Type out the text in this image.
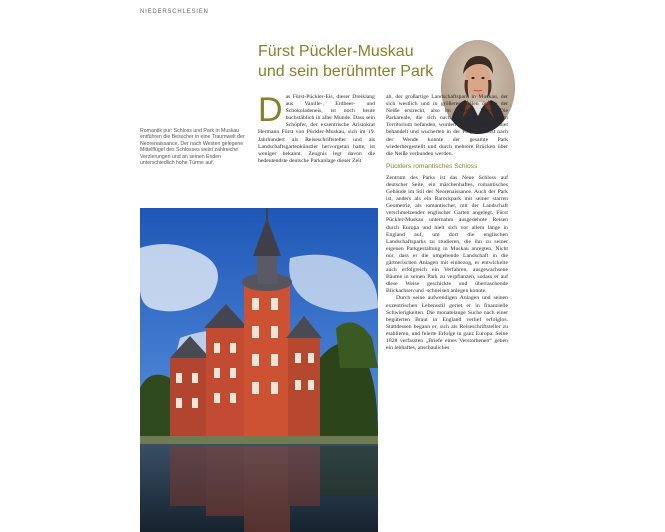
NIEDERSCHLESIEN
Fürst Pückler-Muskau
und sein berühmter Park
Romantik pur: Schloss und Park in Muskau entführen die Besucher in eine Traumwelt der Neorenaissance. Der nach Westen gelegene Mittelflügel des Schlosses weist zahlreiche Verzierungen und an seinen Enden unterschiedlich hohe Türme auf.
D as Fürst-Pückler-Eis, dieser Dreiklang aus Vanille-, Erdbeer- und Schokoladeneis, ist noch heute buchstäblich in aller Munde. Dass sein Schöpfer, der exzentrische Aristokrat Hermann Fürst von Pückler-Muskau, sich im 19. Jahrhundert als Reiseschriftsteller und als Landschaftsgartenkünstler hervorgetan hatte, ist weniger bekannt. Zeugnis legt davon die bedeutendste deutsche Parkanlage dieser Zeit

ab, der großartige Landschaftspark in Muskau, der sich westlich und in größeren Teilen östlich der Neiße erstreckt, also im heutigen Polen. Die Parkareale, die sich nach 1945 auf polnischem Territorium befanden, wurden als Naturschutzgebiet behandelt und wucherten in der Folge zu. Erst nach der Wende konnte der gesamte Park wiederhergestellt und durch mehrere Brücken über die Neiße verbunden werden.

Pücklers romantisches Schloss

Zentrum des Parks ist das Neue Schloss auf deutscher Seite, ein märchenhaftes, romantisches Gebäude im Stil der Neorenaissance. Auch der Park ist, anders als ein Barockpark mit seiner starren Geometrie, als romantischer, mit der Landschaft verschmelzender englischer Garten angelegt. Fürst Pückler-Muskau unternahm ausgedehnte Reisen durch Europa und hielt sich vor allem lange in England auf, um dort die englischen Landschaftsparks zu studieren, die ihn zu seiner eigenen Parkgestaltung in Muskau anregten. Nicht nur, dass er die umgebende Landschaft in die gärtnerischen Anlagen mit einbezog, er entwickelte auch erfolgreich ein Verfahren, ausgewachsene Bäume in seinen Park zu verpflanzen, sodass er auf diese Weise geschickte und überraschende Blickachsen und -schneisen anlegen konnte.

Durch seine aufwendigen Anlagen und seinen exzentrischen Lebensstil geriet er in finanzielle Schwierigkeiten. Die monatelange Suche nach einer begüterten Braut in England verlief erfolglos. Stattdessen begann er, sich als Reiseschriftsteller zu etablieren, und feierte Erfolge in ganz Europa. Seine 1828 verfassten „Briefe eines Verstorbenen“ geben ein lebhaftes, anschauliches
